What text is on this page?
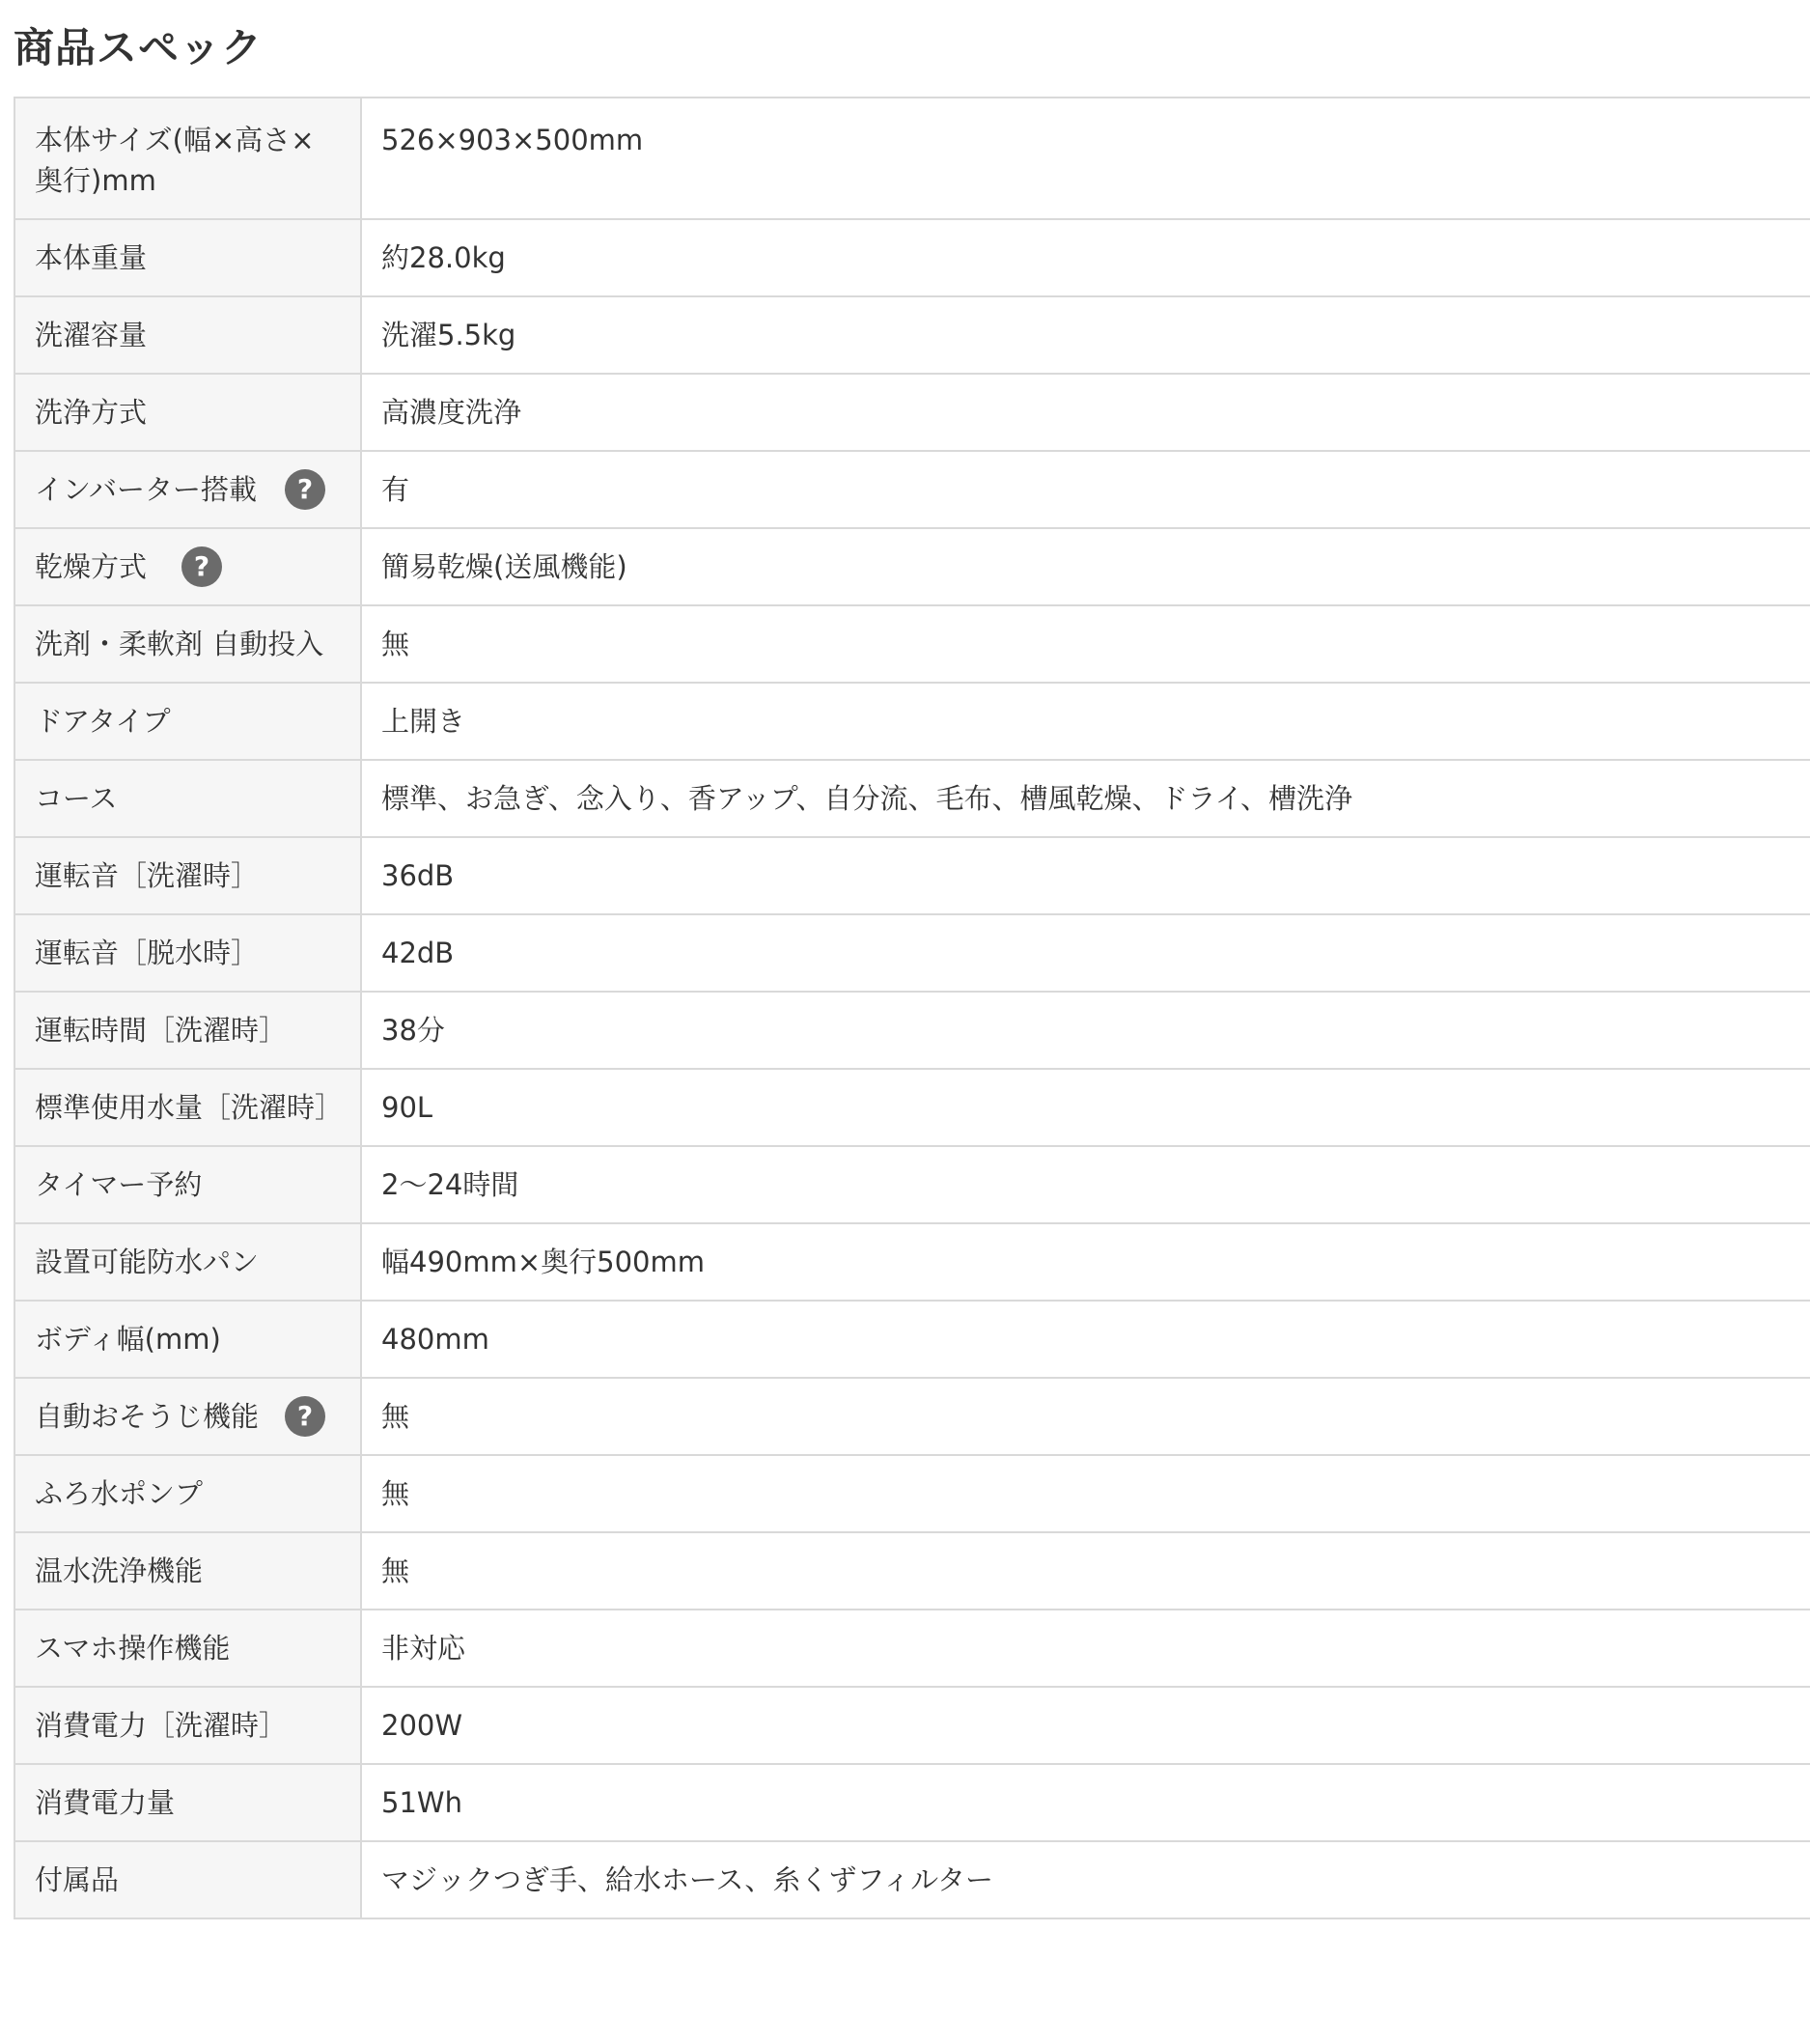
商品スペック
本体サイズ(幅×高さ×奥行)mm	526×903×500mm
本体重量	約28.0kg
洗濯容量	洗濯5.5kg
洗浄方式	高濃度洗浄

インバーター搭載 ?	有

乾燥方式 ?	簡易乾燥(送風機能)
洗剤・柔軟剤 自動投入	無
ドアタイプ	上開き
コース	標準、お急ぎ、念入り、香アップ、自分流、毛布、槽風乾燥、ドライ、槽洗浄
運転音［洗濯時］	36dB
運転音［脱水時］	42dB
運転時間［洗濯時］	38分
標準使用水量［洗濯時］	90L
タイマー予約	2〜24時間
設置可能防水パン	幅490mm×奥行500mm
ボディ幅(mm)	480mm

自動おそうじ機能 ?	無
ふろ水ポンプ	無
温水洗浄機能	無
スマホ操作機能	非対応
消費電力［洗濯時］	200W
消費電力量	51Wh
付属品	マジックつぎ手、給水ホース、糸くずフィルター
